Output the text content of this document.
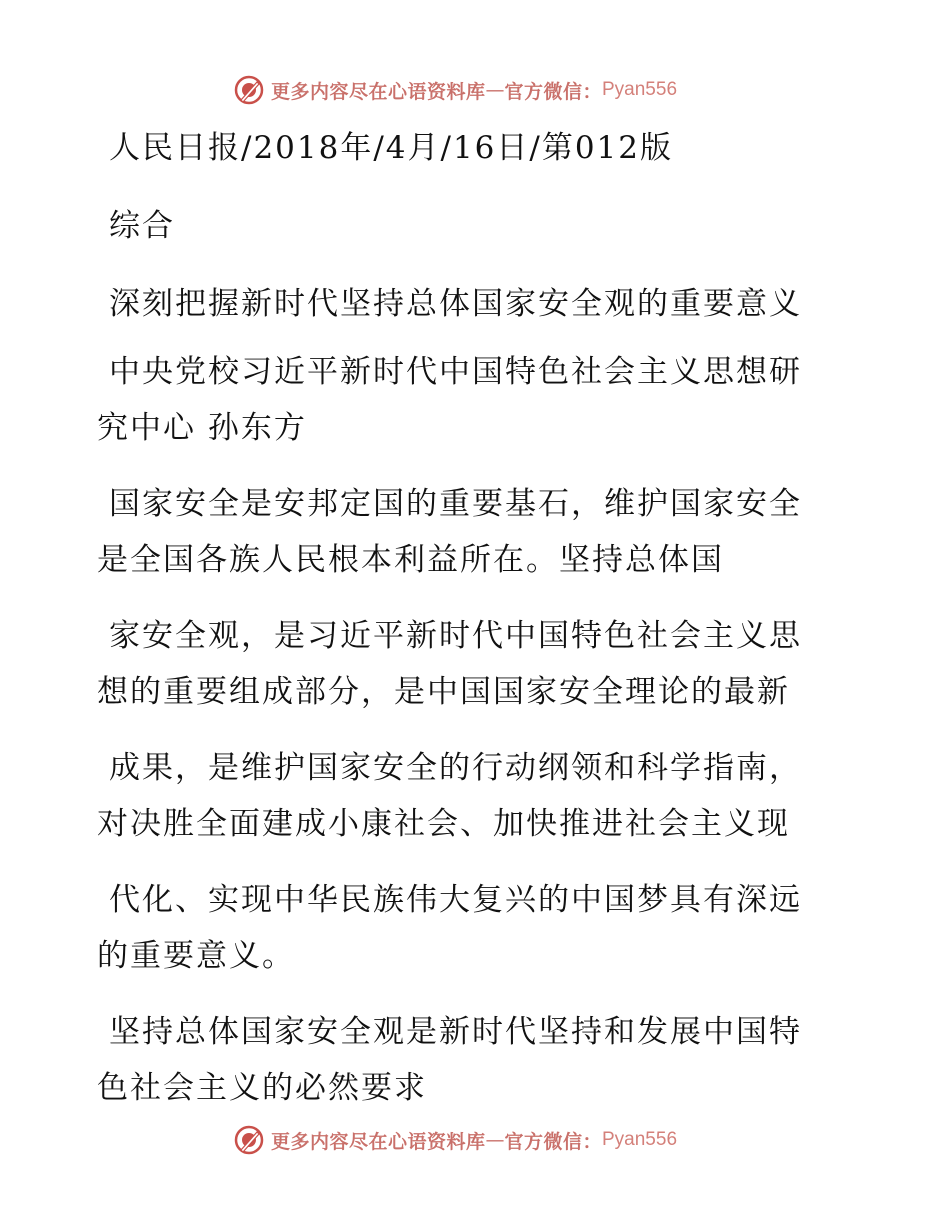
更多内容尽在心语资料库 — 官方微信： Pyan556
人民日报/2018年/4月/16日/第012版
综合
深刻把握新时代坚持总体国家安全观的重要意义
中央党校习近平新时代中国特色社会主义思想研
究中心 孙东方
国家安全是安邦定国的重要基石，维护国家安全
是全国各族人民根本利益所在。坚持总体国
家安全观，是习近平新时代中国特色社会主义思
想的重要组成部分，是中国国家安全理论的最新
成果，是维护国家安全的行动纲领和科学指南，
对决胜全面建成小康社会、加快推进社会主义现
代化、实现中华民族伟大复兴的中国梦具有深远
的重要意义。
坚持总体国家安全观是新时代坚持和发展中国特
色社会主义的必然要求
更多内容尽在心语资料库 — 官方微信： Pyan556
